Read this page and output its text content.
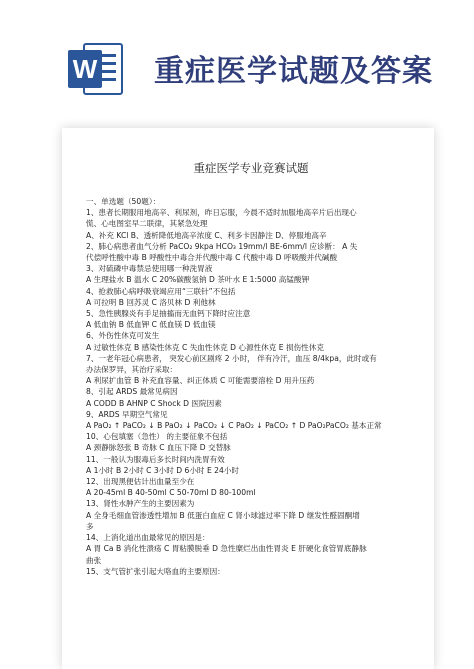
W 重症医学试题及答案
重症医学专业竞赛试题
一、单选题（50题）：
1、患者长期服用地高辛、利尿剂，昨日忘服，今晨不适时加服地高辛片后出现心
慌、心电图室早二联律，其紧急处理
A、补充 KCl B、透析降低地高辛浓度 C、利多卡因静注 D、停服地高辛
2、肺心病患者血气分析 PaCO₂ 9kpa HCO₃ 19mm/l BE-6mm/l 应诊断： A 失
代偿呼性酸中毒 B 呼酸性中毒合并代酸中毒 C 代酸中毒 D 呼吸酸并代碱酸
3、对硫磷中毒禁忌使用哪一种洗胃液
A 生理盐水 B 温水 C 20%碳酸氢钠 D 茶叶水 E 1:5000 高锰酸钾
4、抢救肺心病呼吸衰竭应用“三联针”不包括
A 可拉明 B 回苏灵 C 洛贝林 D 利他林
5、急性胰腺炎有手足抽搐而无血钙下降时应注意
A 低血钠 B 低血钾 C 低血镁 D 低血镁
6、外伤性休克可发生
A 过敏性休克 B 感染性休克 C 失血性休克 D 心源性休克 E 损伤性休克
7、一老年冠心病患者， 突发心前区剧疼 2 小时， 伴有冷汗，血压 8/4kpa，此时或有
办法保罗异，其治疗采取：
A 利尿扩血管 B 补充血容量、纠正体质 C 可能需要溶栓 D 用升压药
8、引起 ARDS 最常见病因
A CODD B AHNP C Shock D 医院因素
9、ARDS 早期空气常见
A PaO₂ ↑ PaCO₂ ↓ B PaO₂ ↓ PaCO₂ ↓ C PaO₂ ↓ PaCO₂ ↑ D PaO₂PaCO₂ 基本正常
10、心包填塞（急性） 的主要征象不包括
A 颈静脉怒张 B 奇脉 C 血压下降 D 交替脉
11、一般认为服毒后多长时间内洗胃有效
A 1小时 B 2小时 C 3小时 D 6小时 E 24小时
12、出现黑便估计出血量至少在
A 20-45ml B 40-50ml C 50-70ml D 80-100ml
13、肾性水肿产生的主要因素为
A 全身毛细血管渗透性增加 B 低蛋白血症 C 肾小球滤过率下降 D 继发性醛固酮增
多
14、上消化道出血最常见的原因是：
A 胃 Ca B 消化性溃疡 C 胃粘膜脱垂 D 急性糜烂出血性胃炎 E 肝硬化食管胃底静脉
曲张
15、支气管扩张引起大咯血的主要原因：
